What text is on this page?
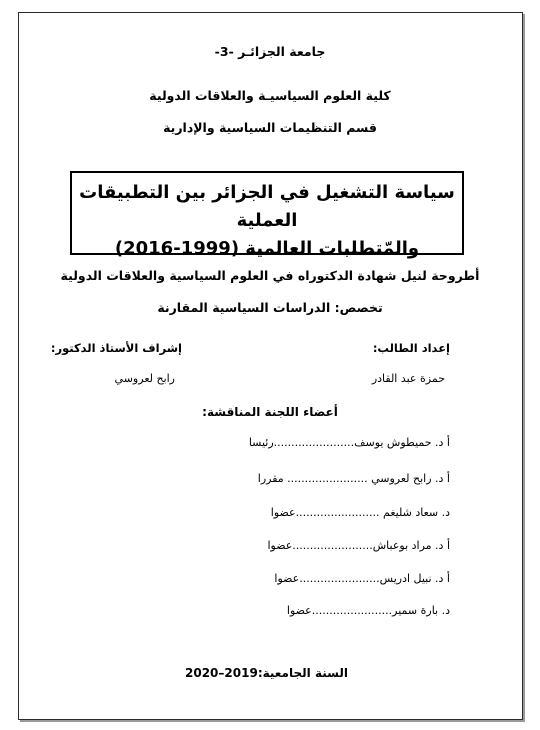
جامعة الجزائـر -3-
كلية العلوم السياسيـة والعلاقات الدولية
قسم التنظيمات السياسية والإدارية
سياسة التشغيل في الجزائر بين التطبيقات العملية
والمّتطلبات العالمية (1999-2016)
أطروحة لنيل شهادة الدكتوراه في العلوم السياسية والعلاقات الدولية
تخصص: الدراسات السياسية المقارنة
إعداد الطالب:
إشراف الأستاذ الدكتور:
حمزة عبد القادر
رابح لعروسي
أعضاء اللجنة المناقشة:
أ د. حميطوش يوسف.......................رئيسا
أ د. رابح لعروسي ....................... مقررا
د. سعاد شليغم ........................عضوا
أ د. مراد بوعباش.......................عضوا
أ د. نبيل ادريس.......................عضوا
د. بارة سمير.......................عضوا
السنة الجامعية:2019–2020
